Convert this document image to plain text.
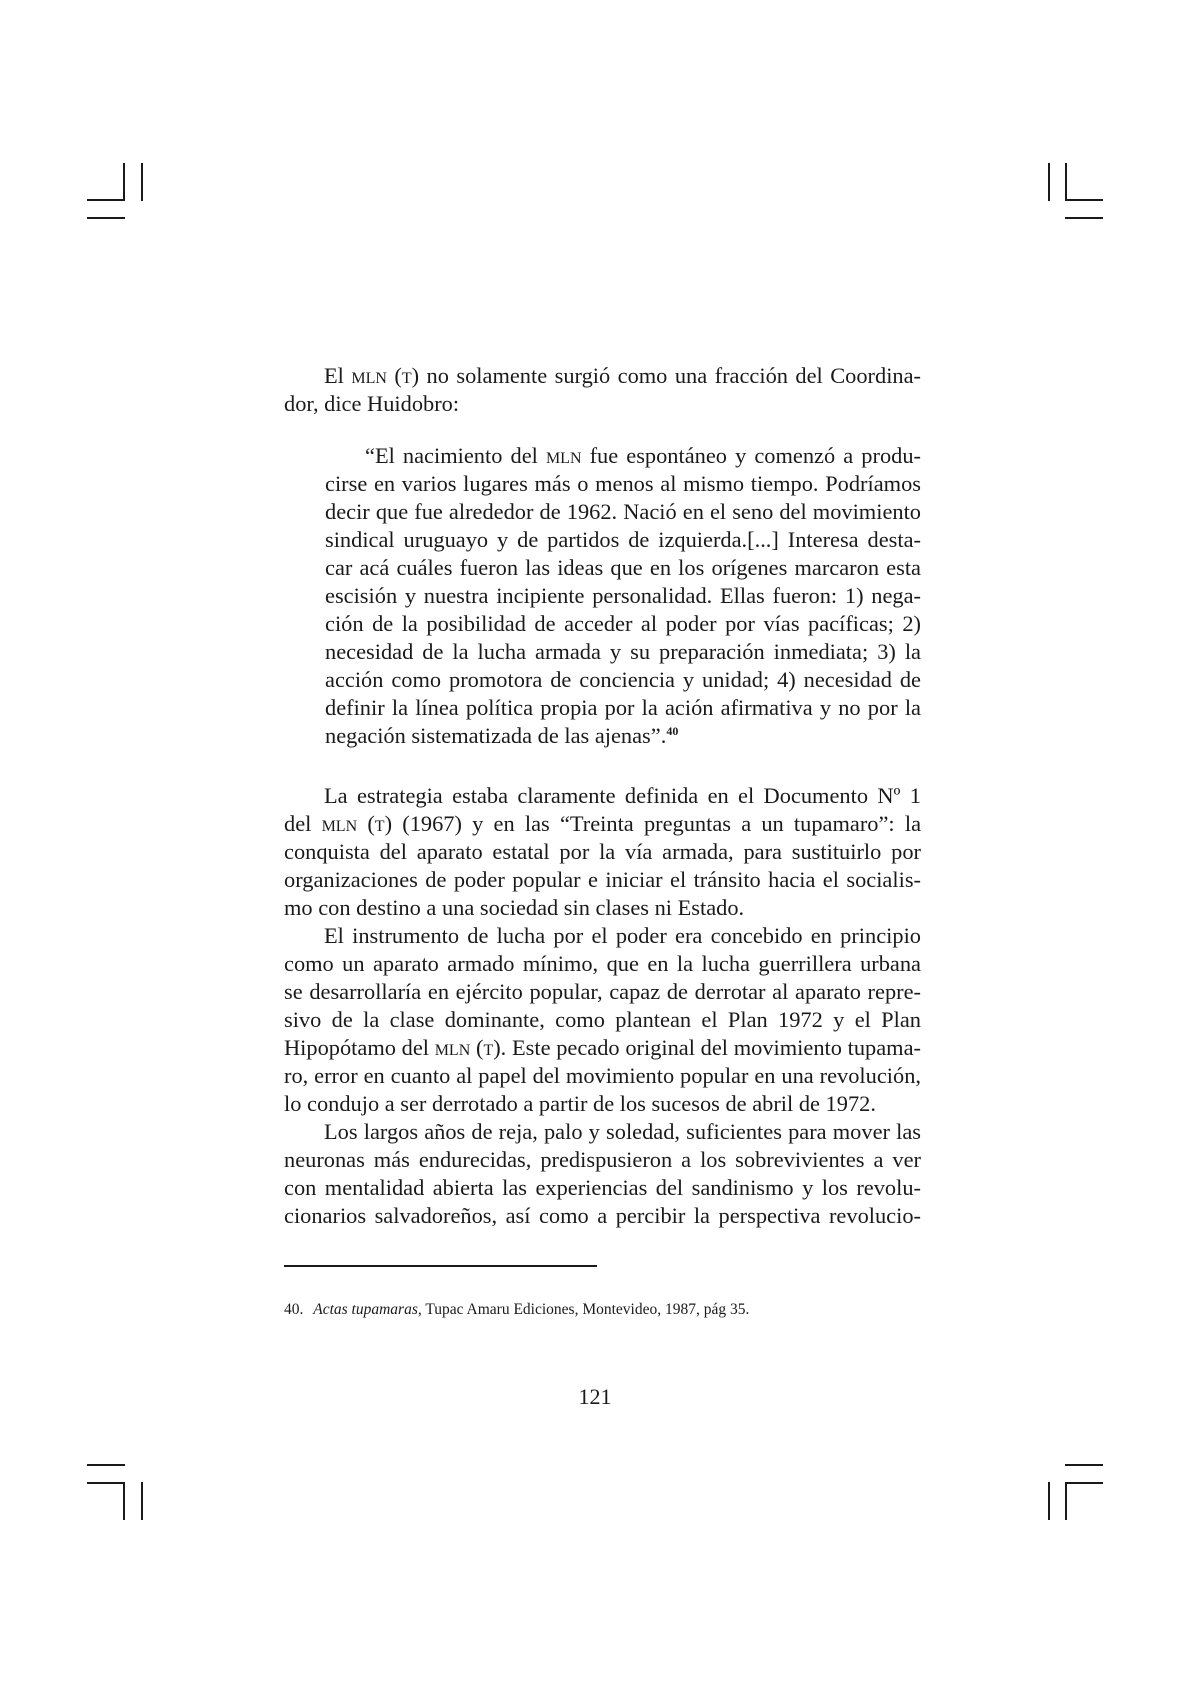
El mln (t) no solamente surgió como una fracción del Coordina-
dor, dice Huidobro:
“El nacimiento del mln fue espontáneo y comenzó a produ-
cirse en varios lugares más o menos al mismo tiempo. Podríamos
decir que fue alrededor de 1962. Nació en el seno del movimiento
sindical uruguayo y de partidos de izquierda.[...] Interesa desta-
car acá cuáles fueron las ideas que en los orígenes marcaron esta
escisión y nuestra incipiente personalidad. Ellas fueron: 1) nega-
ción de la posibilidad de acceder al poder por vías pacíficas; 2)
necesidad de la lucha armada y su preparación inmediata; 3) la
acción como promotora de conciencia y unidad; 4) necesidad de
definir la línea política propia por la ación afirmativa y no por la
negación sistematizada de las ajenas”.$^{40}$
La estrategia estaba claramente definida en el Documento Nº 1
del mln (t) (1967) y en las “Treinta preguntas a un tupamaro”: la
conquista del aparato estatal por la vía armada, para sustituirlo por
organizaciones de poder popular e iniciar el tránsito hacia el socialis-
mo con destino a una sociedad sin clases ni Estado.
El instrumento de lucha por el poder era concebido en principio
como un aparato armado mínimo, que en la lucha guerrillera urbana
se desarrollaría en ejército popular, capaz de derrotar al aparato repre-
sivo de la clase dominante, como plantean el Plan 1972 y el Plan
Hipopótamo del mln (t). Este pecado original del movimiento tupama-
ro, error en cuanto al papel del movimiento popular en una revolución,
lo condujo a ser derrotado a partir de los sucesos de abril de 1972.
Los largos años de reja, palo y soledad, suficientes para mover las
neuronas más endurecidas, predispusieron a los sobrevivientes a ver
con mentalidad abierta las experiencias del sandinismo y los revolu-
cionarios salvadoreños, así como a percibir la perspectiva revolucio-
40. Actas tupamaras, Tupac Amaru Ediciones, Montevideo, 1987, pág 35.
121
